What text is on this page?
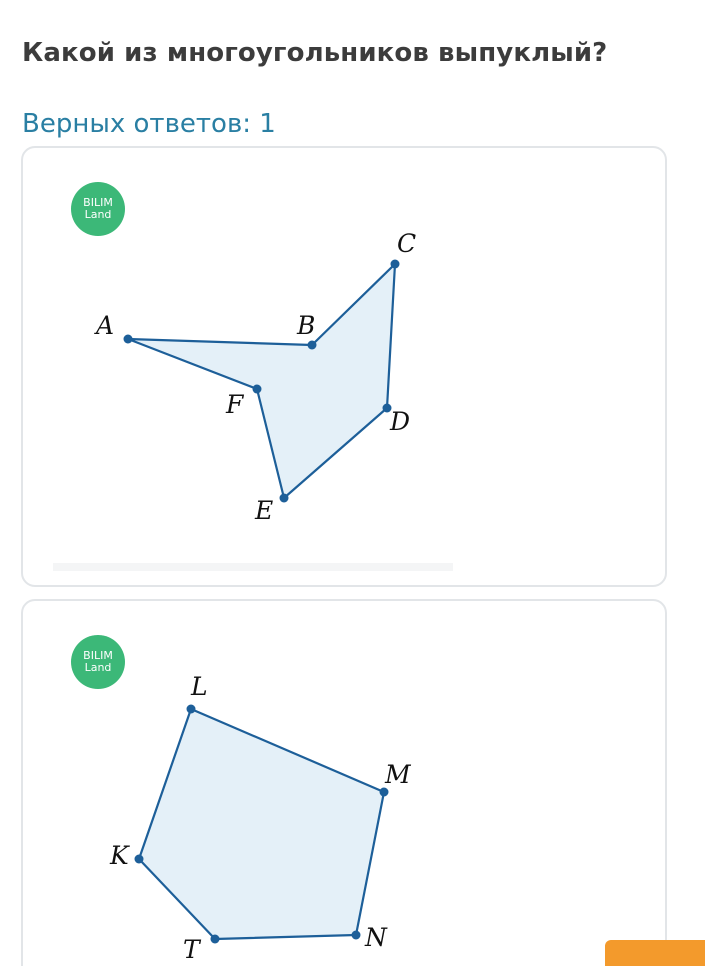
Какой из многоугольников выпуклый?
Верных ответов: 1
BILIM
Land
A	B
C
D
E
F
BILIM
Land
L
M
N
T
K
